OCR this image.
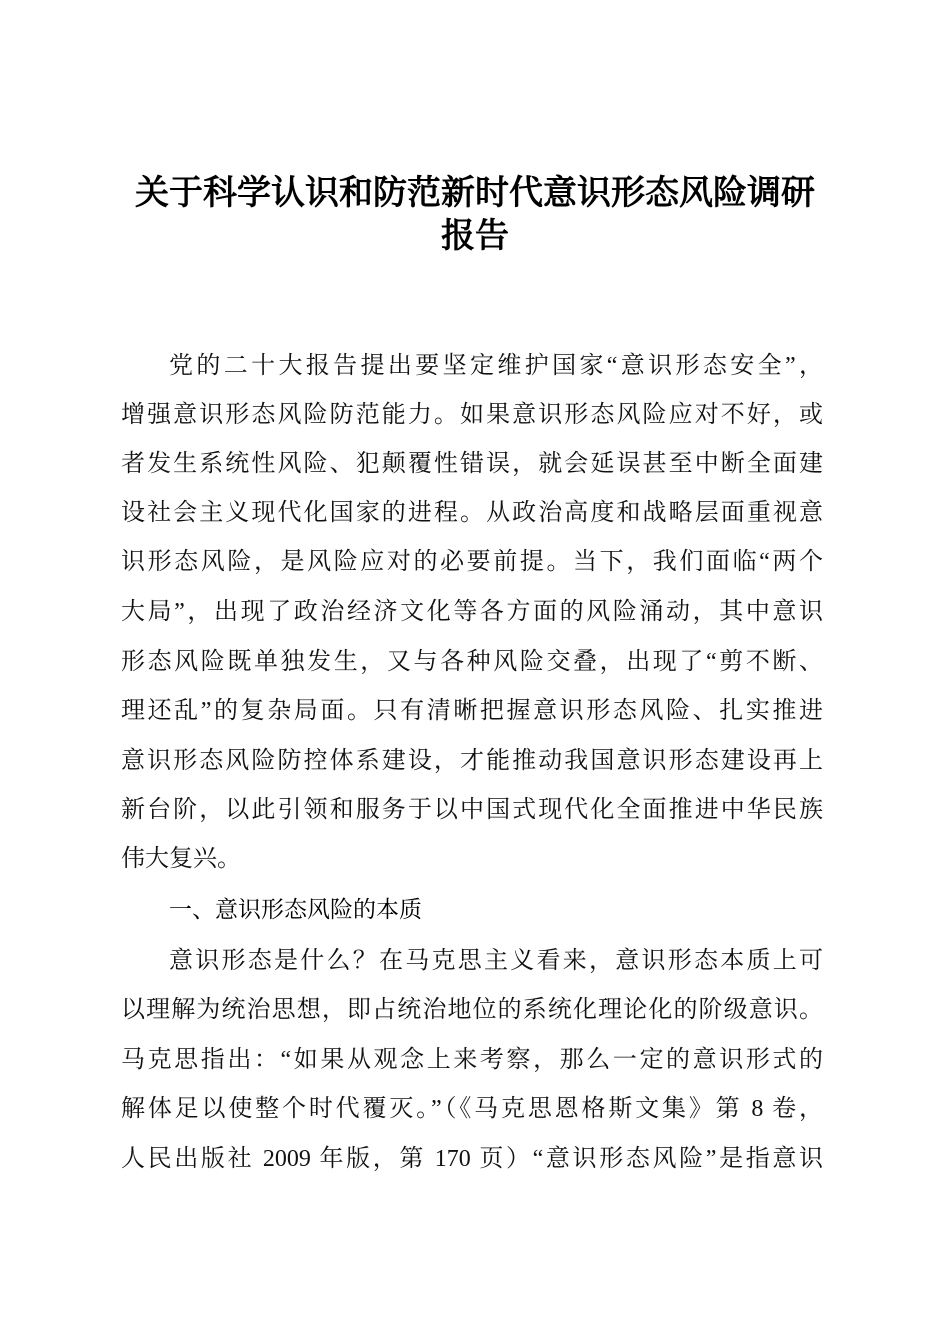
关于科学认识和防范新时代意识形态风险调研
报告
党的二十大报告提出要坚定维护国家“意识形态安全”，
增强意识形态风险防范能力。如果意识形态风险应对不好，或
者发生系统性风险、犯颠覆性错误，就会延误甚至中断全面建
设社会主义现代化国家的进程。从政治高度和战略层面重视意
识形态风险，是风险应对的必要前提。当下，我们面临“两个
大局”，出现了政治经济文化等各方面的风险涌动，其中意识
形态风险既单独发生，又与各种风险交叠，出现了“剪不断、
理还乱”的复杂局面。只有清晰把握意识形态风险、扎实推进
意识形态风险防控体系建设，才能推动我国意识形态建设再上
新台阶，以此引领和服务于以中国式现代化全面推进中华民族
伟大复兴。
一、意识形态风险的本质
意识形态是什么？在马克思主义看来，意识形态本质上可
以理解为统治思想，即占统治地位的系统化理论化的阶级意识。
马克思指出：“如果从观念上来考察，那么一定的意识形式的
解体足以使整个时代覆灭。”（《马克思恩格斯文集》第 8 卷，
人民出版社 2009 年版，第 170 页）“意识形态风险”是指意识
